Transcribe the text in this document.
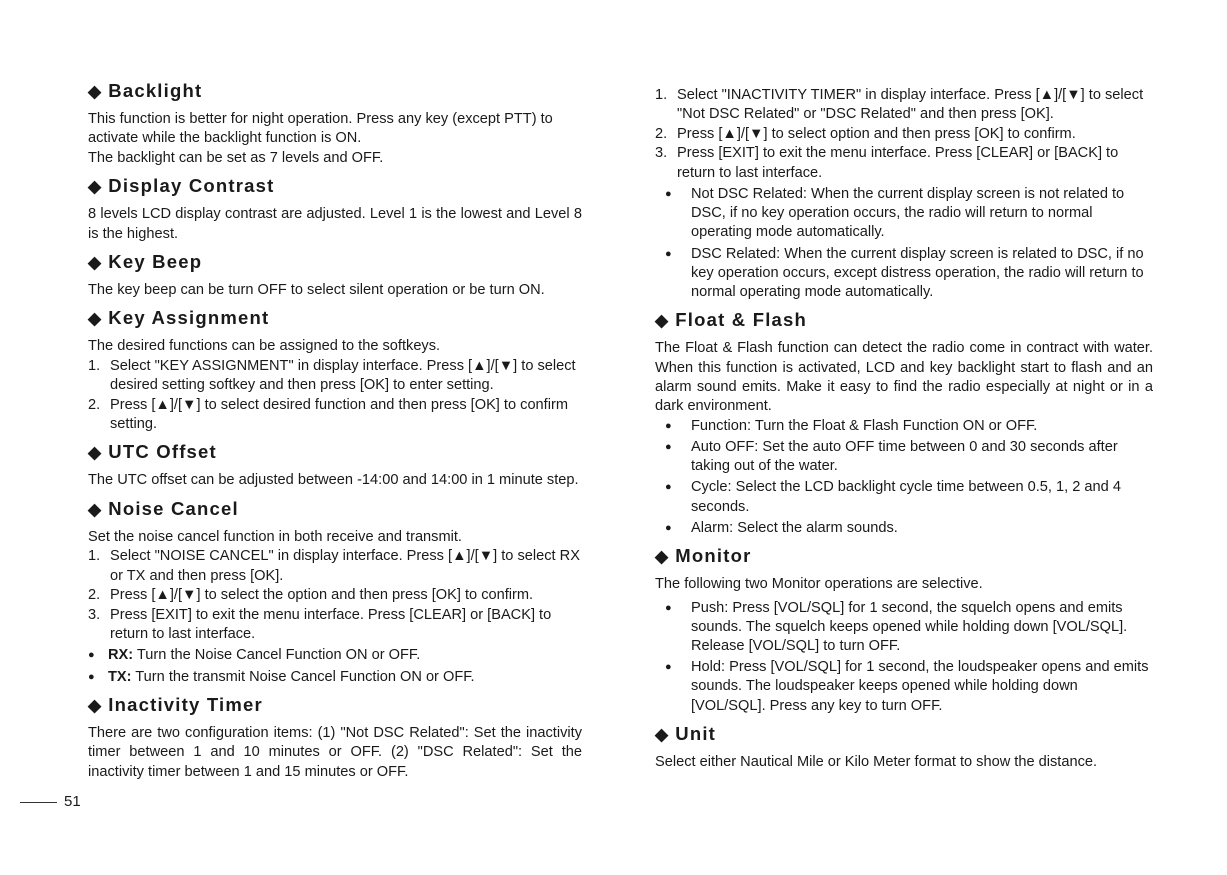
◆ Backlight

This function is better for night operation. Press any key (except PTT) to activate while the backlight function is ON.

The backlight can be set as 7 levels and OFF.

◆ Display Contrast

8 levels LCD display contrast are adjusted. Level 1 is the lowest and Level 8 is the highest.

◆ Key Beep

The key beep can be turn OFF to select silent operation or be turn ON.

◆ Key Assignment

The desired functions can be assigned to the softkeys.

1. Select "KEY ASSIGNMENT" in display interface. Press [▲]/[▼] to select desired setting softkey and then press [OK] to enter setting.
2. Press [▲]/[▼] to select desired function and then press [OK] to confirm setting.
◆ UTC Offset

The UTC offset can be adjusted between -14:00 and 14:00 in 1 minute step.

◆ Noise Cancel

Set the noise cancel function in both receive and transmit.

1. Select "NOISE CANCEL" in display interface. Press [▲]/[▼] to select RX or TX and then press [OK].
2. Press [▲]/[▼] to select the option and then press [OK] to confirm.
3. Press [EXIT] to exit the menu interface. Press [CLEAR] or [BACK] to return to last interface.
● RX: Turn the Noise Cancel Function ON or OFF.
● TX: Turn the transmit Noise Cancel Function ON or OFF.
◆ Inactivity Timer

There are two configuration items: (1) "Not DSC Related": Set the inactivity timer between 1 and 10 minutes or OFF. (2) "DSC Related": Set the inactivity timer between 1 and 15 minutes or OFF.

1. Select "INACTIVITY TIMER" in display interface. Press [▲]/[▼] to select "Not DSC Related" or "DSC Related" and then press [OK].
2. Press [▲]/[▼] to select option and then press [OK] to confirm.
3. Press [EXIT] to exit the menu interface. Press [CLEAR] or [BACK] to return to last interface.
● Not DSC Related: When the current display screen is not related to DSC, if no key operation occurs, the radio will return to normal operating mode automatically.
● DSC Related: When the current display screen is related to DSC, if no key operation occurs, except distress operation, the radio will return to normal operating mode automatically.
◆ Float & Flash

The Float & Flash function can detect the radio come in contract with water. When this function is activated, LCD and key backlight start to flash and an alarm sound emits. Make it easy to find the radio especially at night or in a dark environment.

● Function: Turn the Float & Flash Function ON or OFF.
● Auto OFF: Set the auto OFF time between 0 and 30 seconds after taking out of the water.
● Cycle: Select the LCD backlight cycle time between 0.5, 1, 2 and 4 seconds.
● Alarm: Select the alarm sounds.
◆ Monitor

The following two Monitor operations are selective.

● Push: Press [VOL/SQL] for 1 second, the squelch opens and emits sounds. The squelch keeps opened while holding down [VOL/SQL]. Release [VOL/SQL] to turn OFF.
● Hold: Press [VOL/SQL] for 1 second, the loudspeaker opens and emits sounds. The loudspeaker keeps opened while holding down [VOL/SQL]. Press any key to turn OFF.
◆ Unit

Select either Nautical Mile or Kilo Meter format to show the distance.

51
